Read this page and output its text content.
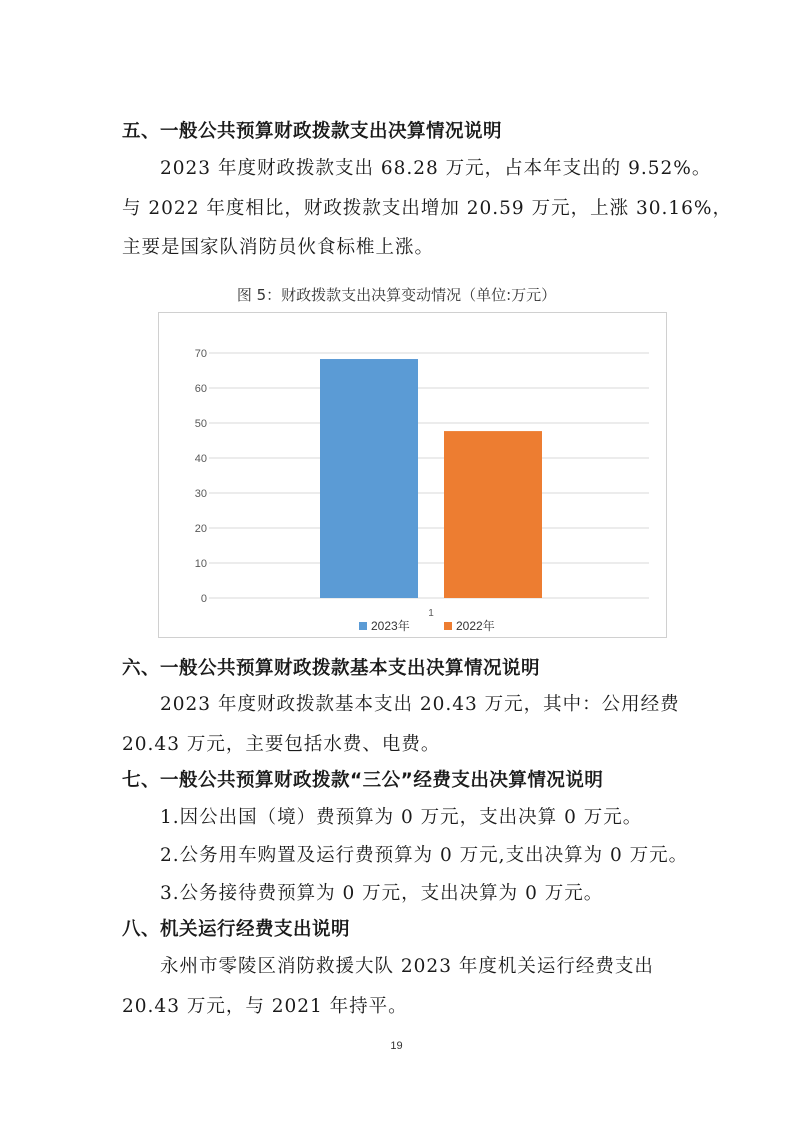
五、一般公共预算财政拨款支出决算情况说明
2023 年度财政拨款支出 68.28 万元，占本年支出的 9.52%。
与 2022 年度相比，财政拨款支出增加 20.59 万元，上涨 30.16%，
主要是国家队消防员伙食标椎上涨。
图 5：财政拨款支出决算变动情况（单位:万元）
0
10
20
30
40
50
60
70
1
2023年	2022年
六、一般公共预算财政拨款基本支出决算情况说明
2023 年度财政拨款基本支出 20.43 万元，其中：公用经费
20.43 万元，主要包括水费、电费。
七、一般公共预算财政拨款“三公”经费支出决算情况说明
1.因公出国（境）费预算为 0 万元，支出决算 0 万元。
2.公务用车购置及运行费预算为 0 万元,支出决算为 0 万元。
3.公务接待费预算为 0 万元，支出决算为 0 万元。
八、机关运行经费支出说明
永州市零陵区消防救援大队 2023 年度机关运行经费支出
20.43 万元，与 2021 年持平。
19
